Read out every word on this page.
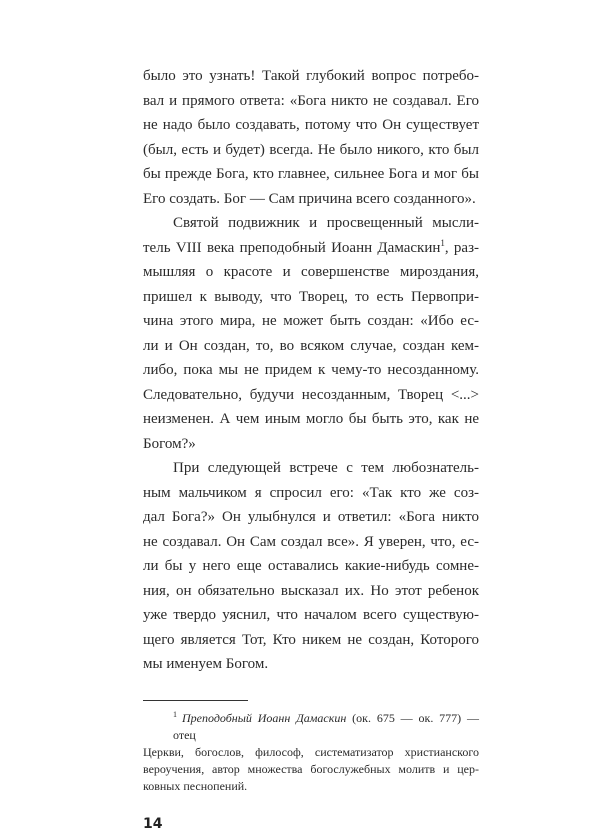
было это узнать! Такой глубокий вопрос потребо-
вал и прямого ответа: «Бога никто не создавал. Его
не надо было создавать, потому что Он существует
(был, есть и будет) всегда. Не было никого, кто был
бы прежде Бога, кто главнее, сильнее Бога и мог бы
Его создать. Бог — Сам причина всего созданного».
Святой подвижник и просвещенный мысли-
тель VIII века преподобный Иоанн Дамаскин$^1$, раз-
мышляя о красоте и совершенстве мироздания,
пришел к выводу, что Творец, то есть Первопри-
чина этого мира, не может быть создан: «Ибо ес-
ли и Он создан, то, во всяком случае, создан кем-
либо, пока мы не придем к чему-то несозданному.
Следовательно, будучи несозданным, Творец <...>
неизменен. А чем иным могло бы быть это, как не
Богом?»
При следующей встрече с тем любознатель-
ным мальчиком я спросил его: «Так кто же соз-
дал Бога?» Он улыбнулся и ответил: «Бога никто
не создавал. Он Сам создал все». Я уверен, что, ес-
ли бы у него еще оставались какие-нибудь сомне-
ния, он обязательно высказал их. Но этот ребенок
уже твердо уяснил, что началом всего существую-
щего является Тот, Кто никем не создан, Которого
мы именуем Богом.
$^1$ Преподобный Иоанн Дамаскин (ок. 675 — ок. 777) — отец
Церкви, богослов, философ, систематизатор христианского
вероучения, автор множества богослужебных молитв и цер-
ковных песнопений.
14
